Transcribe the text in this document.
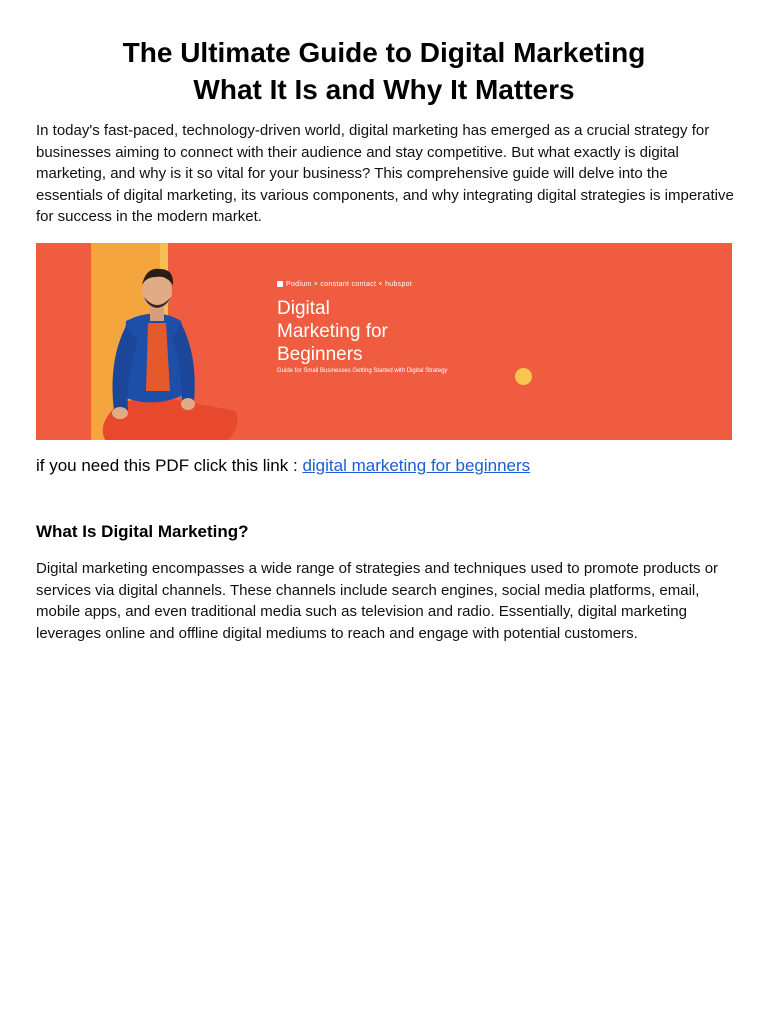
The Ultimate Guide to Digital Marketing
What It Is and Why It Matters

In today's fast-paced, technology-driven world, digital marketing has emerged as a crucial strategy for businesses aiming to connect with their audience and stay competitive. But what exactly is digital marketing, and why is it so vital for your business? This comprehensive guide will delve into the essentials of digital marketing, its various components, and why integrating digital strategies is imperative for success in the modern market.

Podium × constant contact × hubspot
Digital
Marketing for
Beginners
Guide for Small Businesses Getting Started with Digital Strategy
if you need this PDF click this link : digital marketing for beginners
What Is Digital Marketing?

Digital marketing encompasses a wide range of strategies and techniques used to promote products or services via digital channels. These channels include search engines, social media platforms, email, mobile apps, and even traditional media such as television and radio. Essentially, digital marketing leverages online and offline digital mediums to reach and engage with potential customers.
